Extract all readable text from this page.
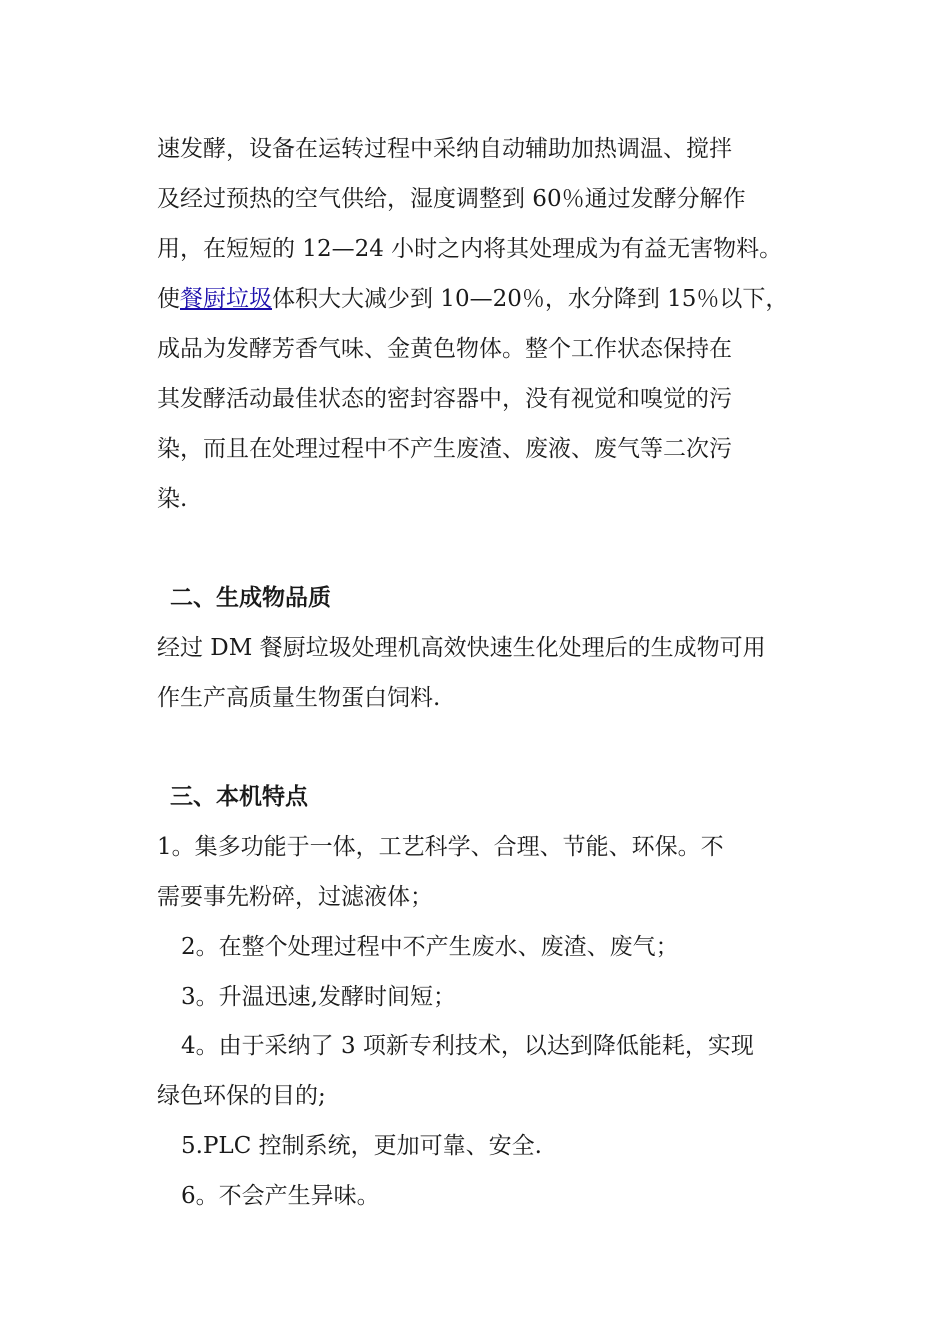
速发酵，设备在运转过程中采纳自动辅助加热调温、搅拌
及经过预热的空气供给，湿度调整到 60％通过发酵分解作
用，在短短的 12—24 小时之内将其处理成为有益无害物料。
使餐厨垃圾体积大大减少到 10—20％，水分降到 15％以下，
成品为发酵芳香气味、金黄色物体。整个工作状态保持在
其发酵活动最佳状态的密封容器中，没有视觉和嗅觉的污
染，而且在处理过程中不产生废渣、废液、废气等二次污
染.
二、生成物品质
经过 DM 餐厨垃圾处理机高效快速生化处理后的生成物可用
作生产高质量生物蛋白饲料.
三、本机特点
1。集多功能于一体，工艺科学、合理、节能、环保。不
需要事先粉碎，过滤液体；
2。在整个处理过程中不产生废水、废渣、废气；
3。升温迅速,发酵时间短；
4。由于采纳了 3 项新专利技术，以达到降低能耗，实现
绿色环保的目的;
5.PLC 控制系统，更加可靠、安全.
6。不会产生异味。
